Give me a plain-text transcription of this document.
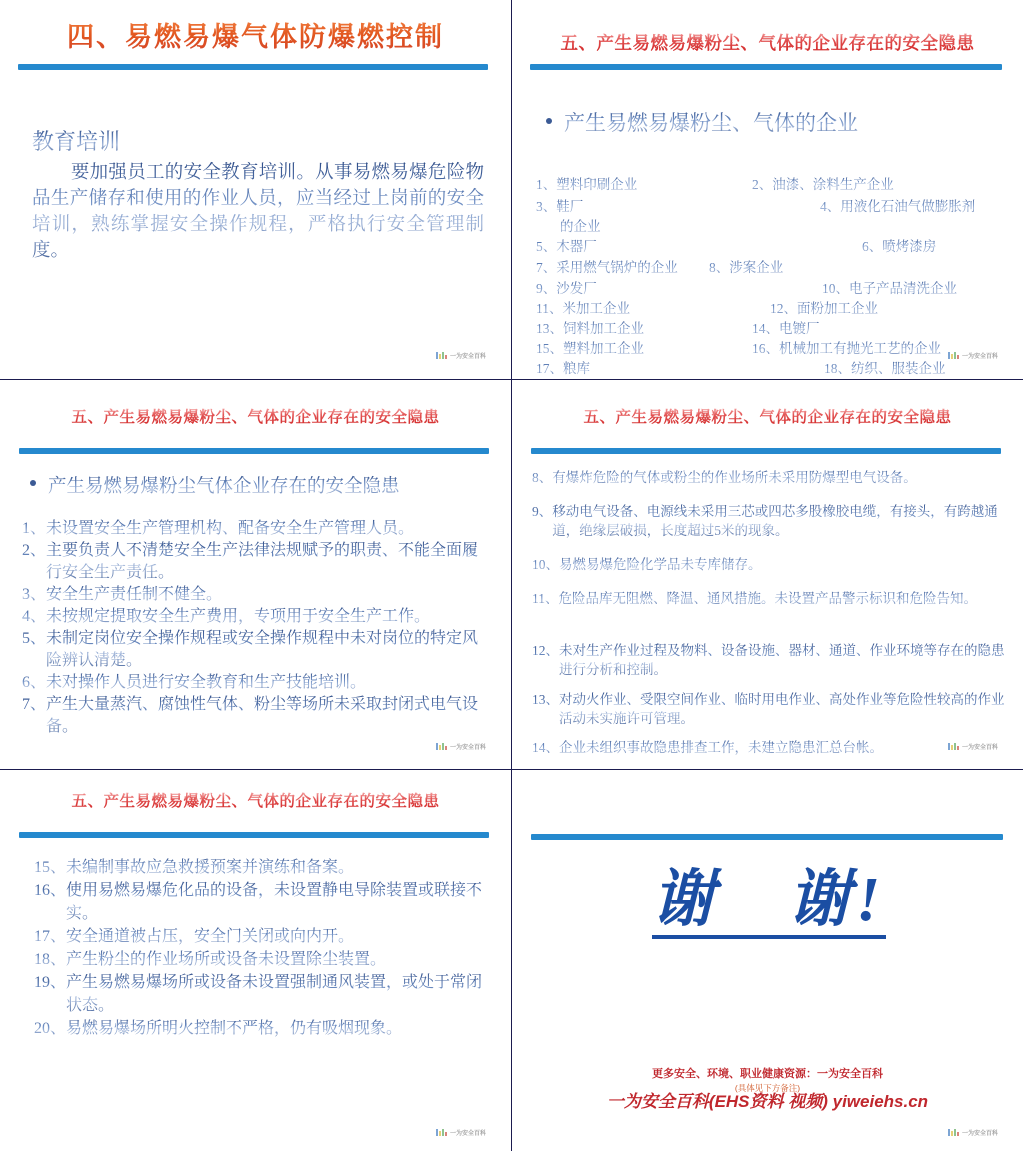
四、易燃易爆气体防爆燃控制
教育培训
要加强员工的安全教育培训。从事易燃易爆危险物品生产储存和使用的作业人员，应当经过上岗前的安全培训，熟练掌握安全操作规程，严格执行安全管理制度。
一为安全百科
五、产生易燃易爆粉尘、气体的企业存在的安全隐患
产生易燃易爆粉尘、气体的企业
1、塑料印刷企业	2、油漆、涂料生产企业
3、鞋厂	4、用液化石油气做膨胀剂
的企业
5、木器厂	6、喷烤漆房
7、采用燃气锅炉的企业 8、涉案企业
9、沙发厂	10、电子产品清洗企业
11、米加工企业	12、面粉加工企业
13、饲料加工企业	14、电镀厂
15、塑料加工企业	16、机械加工有抛光工艺的企业
17、粮库	18、纺织、服装企业
一为安全百科
五、产生易燃易爆粉尘、气体的企业存在的安全隐患
产生易燃易爆粉尘气体企业存在的安全隐患
1、 未设置安全生产管理机构、配备安全生产管理人员。
2、 主要负责人不清楚安全生产法律法规赋予的职责、不能全面履行安全生产责任。
3、 安全生产责任制不健全。
4、 未按规定提取安全生产费用，专项用于安全生产工作。
5、 未制定岗位安全操作规程或安全操作规程中未对岗位的特定风险辨认清楚。
6、 未对操作人员进行安全教育和生产技能培训。
7、 产生大量蒸汽、腐蚀性气体、粉尘等场所未采取封闭式电气设备。
一为安全百科
五、产生易燃易爆粉尘、气体的企业存在的安全隐患
8、 有爆炸危险的气体或粉尘的作业场所未采用防爆型电气设备。
9、 移动电气设备、电源线未采用三芯或四芯多股橡胶电缆，有接头，有跨越通道，绝缘层破损，长度超过5米的现象。
10、 易燃易爆危险化学品未专库储存。
11、 危险品库无阻燃、降温、通风措施。未设置产品警示标识和危险告知。
12、 未对生产作业过程及物料、设备设施、器材、通道、作业环境等存在的隐患进行分析和控制。
13、 对动火作业、受限空间作业、临时用电作业、高处作业等危险性较高的作业活动未实施许可管理。
14、 企业未组织事故隐患排查工作，未建立隐患汇总台帐。	一为安全百科
五、产生易燃易爆粉尘、气体的企业存在的安全隐患
15、 未编制事故应急救援预案并演练和备案。
16、 使用易燃易爆危化品的设备，未设置静电导除装置或联接不实。
17、 安全通道被占压，安全门关闭或向内开。
18、 产生粉尘的作业场所或设备未设置除尘装置。
19、 产生易燃易爆场所或设备未设置强制通风装置，或处于常闭状态。
20、 易燃易爆场所明火控制不严格，仍有吸烟现象。
一为安全百科
谢　谢!
更多安全、环境、职业健康资源：一为安全百科
(具体见下方备注)
一为安全百科(EHS资料 视频) yiweiehs.cn
一为安全百科
